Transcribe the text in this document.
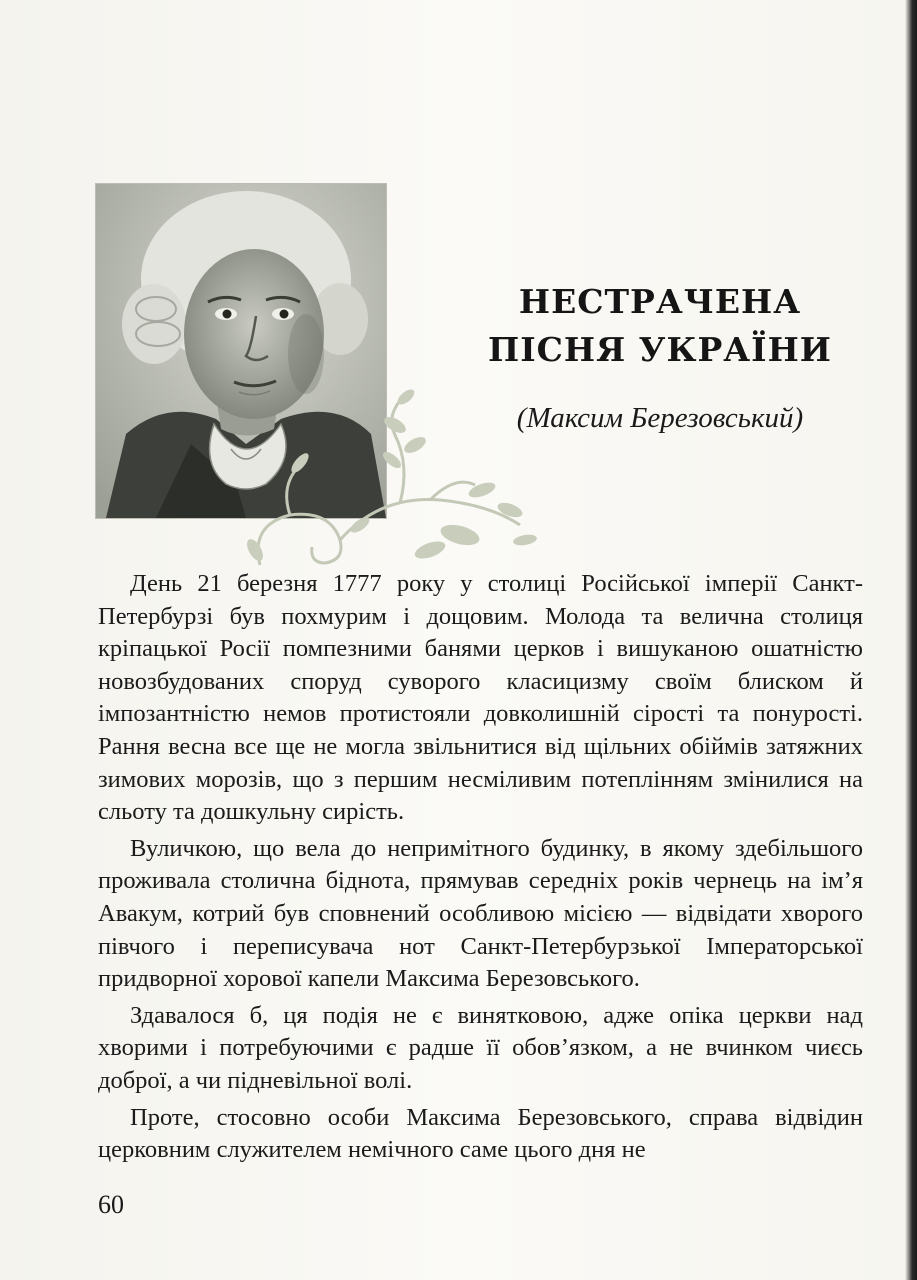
НЕСТРАЧЕНА
ПІСНЯ УКРАЇНИ
(Максим Березовський)

День 21 березня 1777 року у столиці Російської імперії Санкт-Петербурзі був похмурим і дощовим. Молода та велична столиця кріпацької Росії помпезними банями церков і вишуканою ошатністю новозбудованих споруд суворого класицизму своїм блиском й імпозантністю немов протистояли довколишній сірості та понурості. Рання весна все ще не могла звільнитися від щільних обіймів затяжних зимових морозів, що з першим несміливим потеплінням змінилися на сльоту та дошкульну сирість.

Вуличкою, що вела до непримітного будинку, в якому здебільшого проживала столична біднота, прямував середніх років чернець на ім’я Авакум, котрий був сповнений особливою місією — відвідати хворого півчого і переписувача нот Санкт-Петербурзької Імператорської придворної хорової капели Максима Березовського.

Здавалося б, ця подія не є винятковою, адже опіка церкви над хворими і потребуючими є радше її обов’язком, а не вчинком чиєсь доброї, а чи підневільної волі.

Проте, стосовно особи Максима Березовського, справа відвідин церковним служителем немічного саме цього дня не

60
